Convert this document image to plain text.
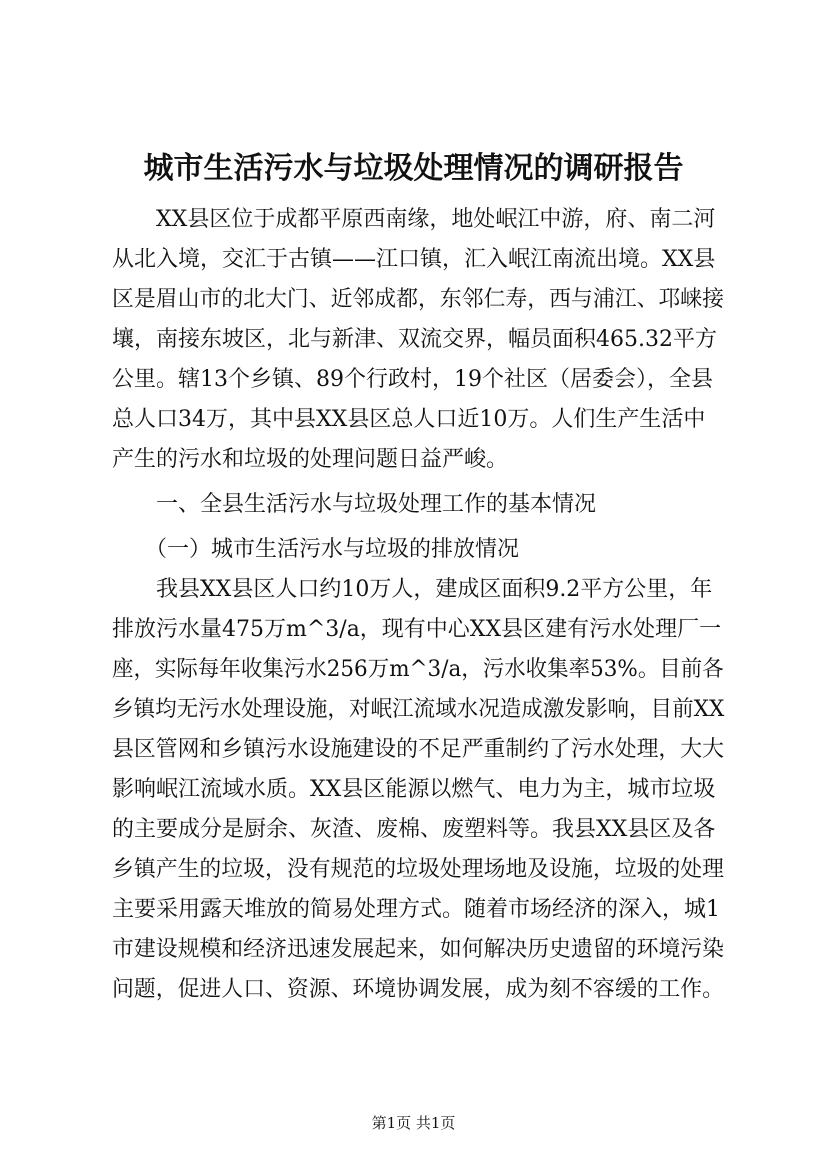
城市生活污水与垃圾处理情况的调研报告
　　XX县区位于成都平原西南缘，地处岷江中游，府、南二河
从北入境，交汇于古镇——江口镇，汇入岷江南流出境。XX县
区是眉山市的北大门、近邻成都，东邻仁寿，西与浦江、邛崃接
壤，南接东坡区，北与新津、双流交界，幅员面积465.32平方
公里。辖13个乡镇、89个行政村，19个社区（居委会），全县
总人口34万，其中县XX县区总人口近10万。人们生产生活中
产生的污水和垃圾的处理问题日益严峻。
　　一、全县生活污水与垃圾处理工作的基本情况
　　（一）城市生活污水与垃圾的排放情况
　　我县XX县区人口约10万人，建成区面积9.2平方公里，年
排放污水量475万m^3/a，现有中心XX县区建有污水处理厂一
座，实际每年收集污水256万m^3/a，污水收集率53%。目前各
乡镇均无污水处理设施，对岷江流域水况造成激发影响，目前XX
县区管网和乡镇污水设施建设的不足严重制约了污水处理，大大
影响岷江流域水质。XX县区能源以燃气、电力为主，城市垃圾
的主要成分是厨余、灰渣、废棉、废塑料等。我县XX县区及各
乡镇产生的垃圾，没有规范的垃圾处理场地及设施，垃圾的处理
主要采用露天堆放的简易处理方式。随着市场经济的深入，城1
市建设规模和经济迅速发展起来，如何解决历史遗留的环境污染
问题，促进人口、资源、环境协调发展，成为刻不容缓的工作。
第1页 共1页
